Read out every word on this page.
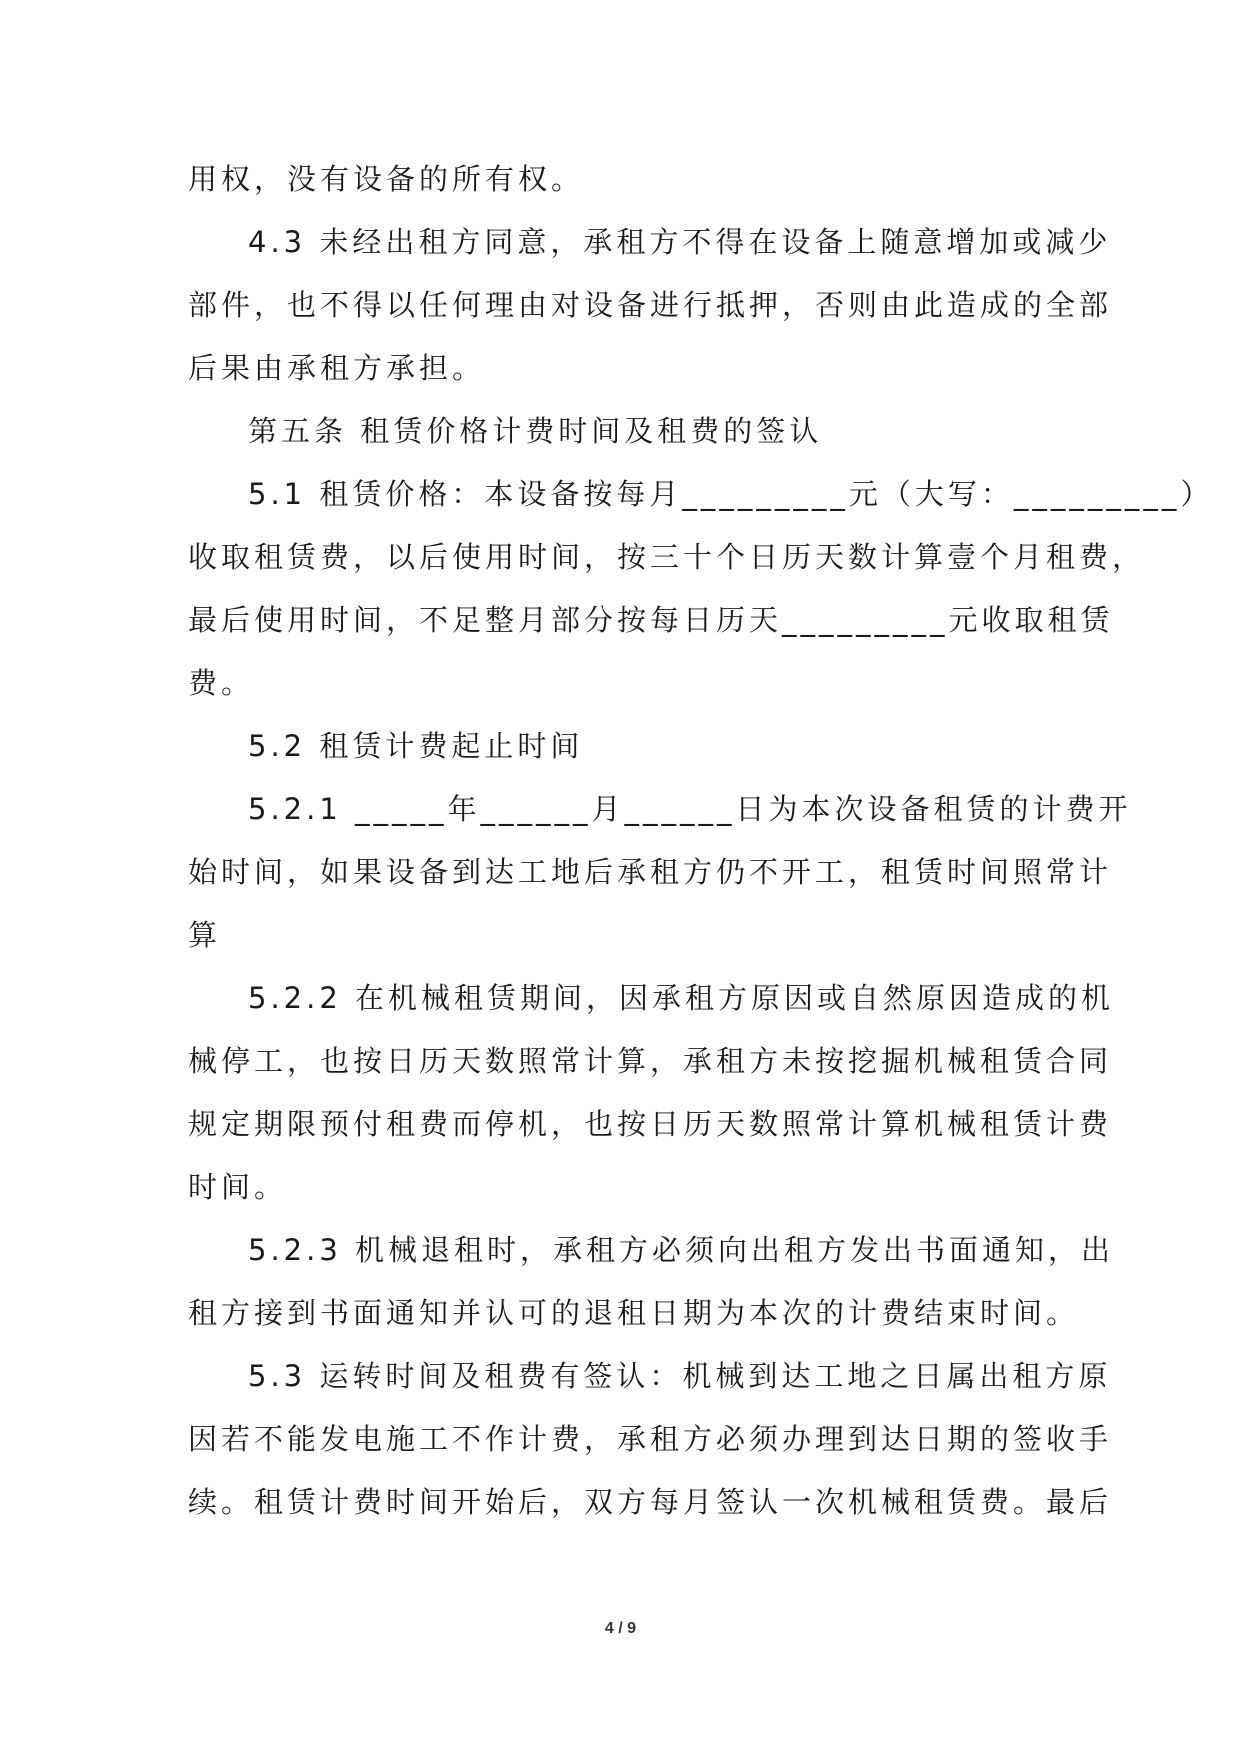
用权，没有设备的所有权。
4.3 未经出租方同意，承租方不得在设备上随意增加或减少
部件，也不得以任何理由对设备进行抵押，否则由此造成的全部
后果由承租方承担。
第五条 租赁价格计费时间及租费的签认
5.1 租赁价格：本设备按每月_________元（大写：_________）
收取租赁费，以后使用时间，按三十个日历天数计算壹个月租费，
最后使用时间，不足整月部分按每日历天_________元收取租赁
费。
5.2 租赁计费起止时间
5.2.1 _____年______月______日为本次设备租赁的计费开
始时间，如果设备到达工地后承租方仍不开工，租赁时间照常计
算
5.2.2 在机械租赁期间，因承租方原因或自然原因造成的机
械停工，也按日历天数照常计算，承租方未按挖掘机械租赁合同
规定期限预付租费而停机，也按日历天数照常计算机械租赁计费
时间。
5.2.3 机械退租时，承租方必须向出租方发出书面通知，出
租方接到书面通知并认可的退租日期为本次的计费结束时间。
5.3 运转时间及租费有签认：机械到达工地之日属出租方原
因若不能发电施工不作计费，承租方必须办理到达日期的签收手
续。租赁计费时间开始后，双方每月签认一次机械租赁费。最后
4 / 9
